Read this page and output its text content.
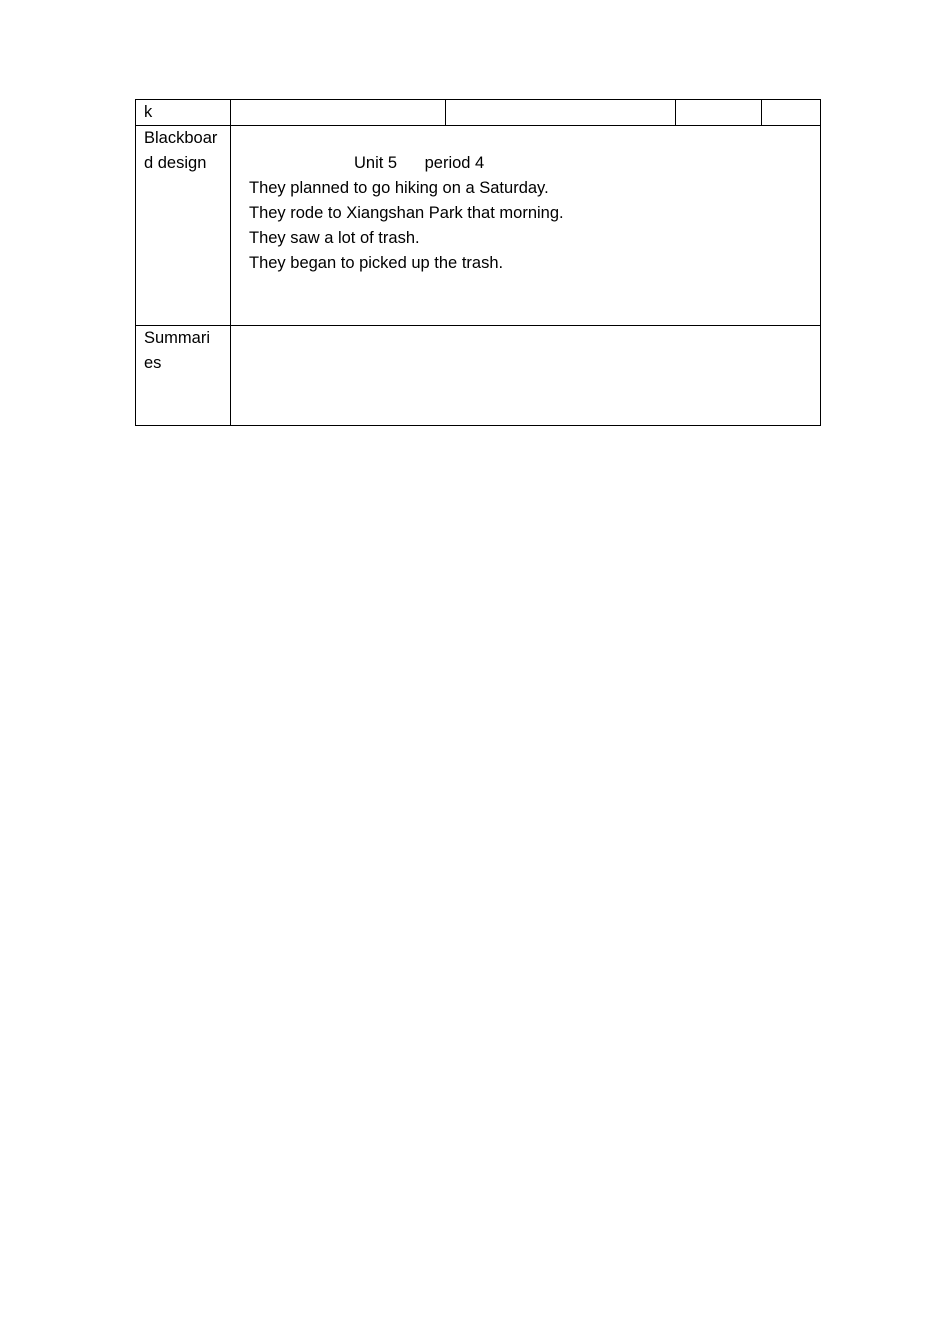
k				

Blackboar
d design	Unit 5      period 4
They planned to go hiking on a Saturday.
They rode to Xiangshan Park that morning.
They saw a lot of trash.
They began to picked up the trash.			

Summari
es				
